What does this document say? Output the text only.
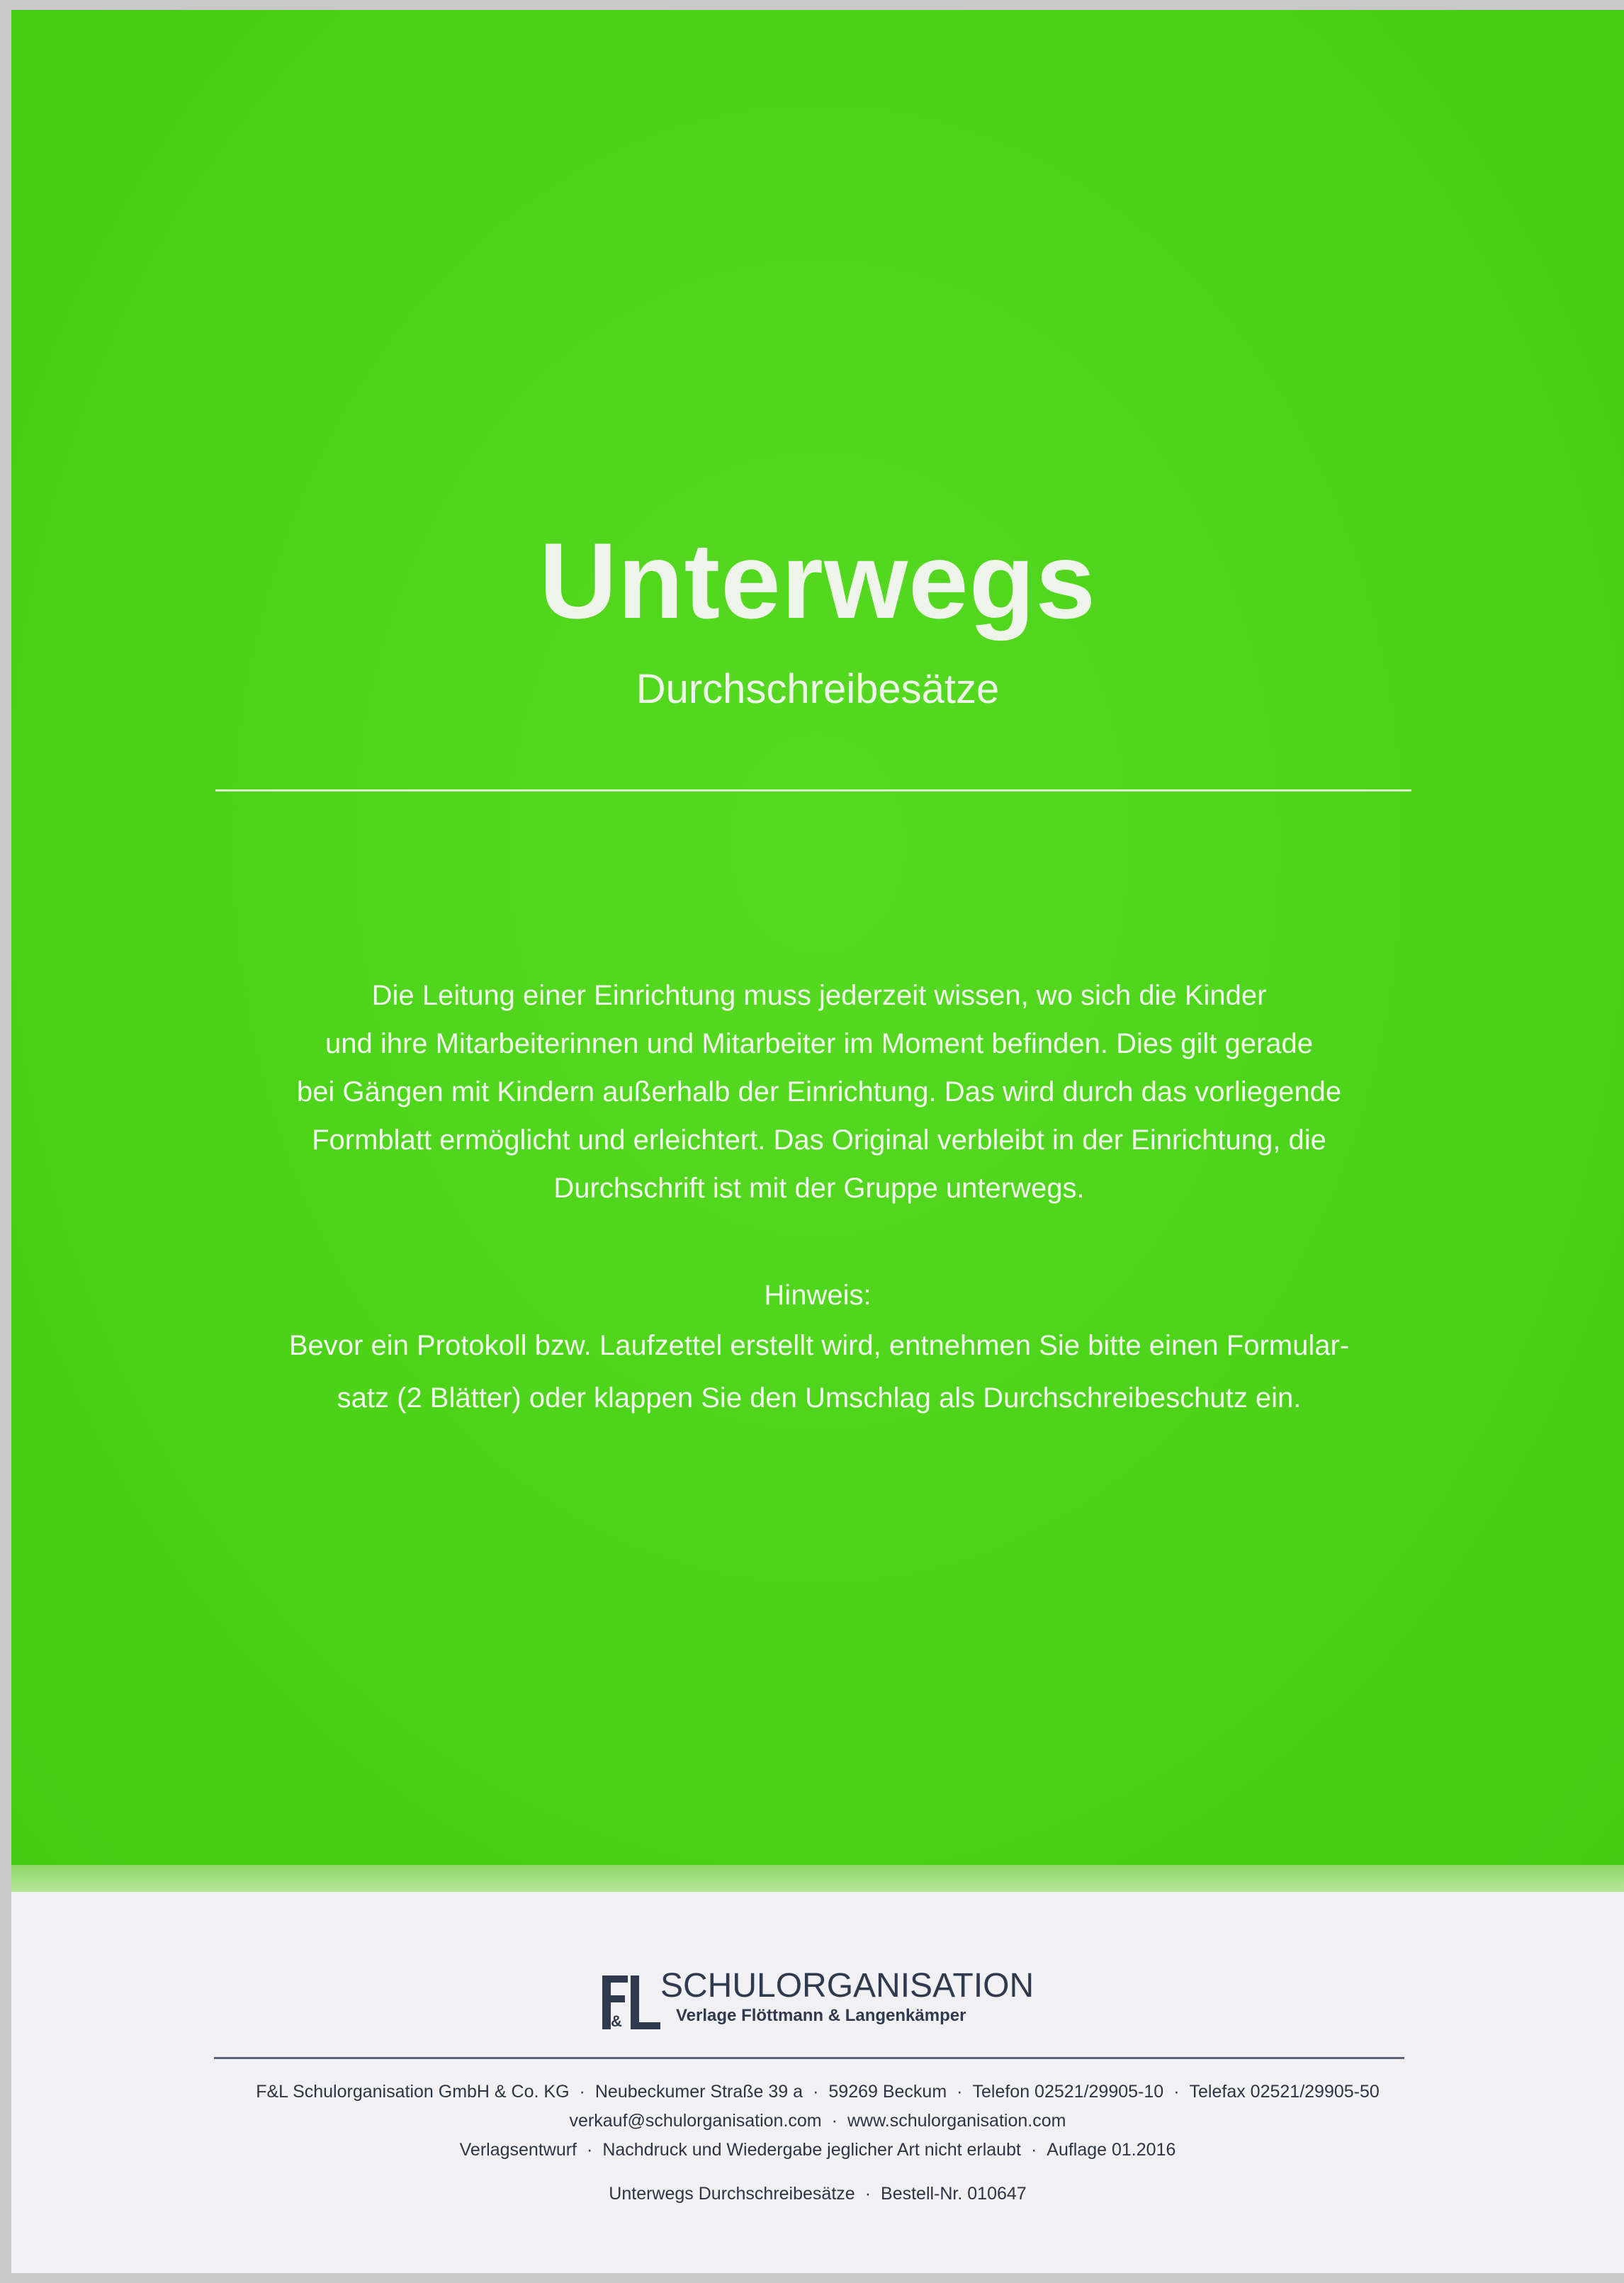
Unterwegs
Durchschreibesätze
Die Leitung einer Einrichtung muss jederzeit wissen, wo sich die Kinder
und ihre Mitarbeiterinnen und Mitarbeiter im Moment befinden. Dies gilt gerade
bei Gängen mit Kindern außerhalb der Einrichtung. Das wird durch das vorliegende
Formblatt ermöglicht und erleichtert. Das Original verbleibt in der Einrichtung, die
Durchschrift ist mit der Gruppe unterwegs.
Hinweis:
Bevor ein Protokoll bzw. Laufzettel erstellt wird, entnehmen Sie bitte einen Formular-
satz (2 Blätter) oder klappen Sie den Umschlag als Durchschreibeschutz ein.
&
SCHULORGANISATION
Verlage Flöttmann & Langenkämper
F&L Schulorganisation GmbH & Co. KG · Neubeckumer Straße 39 a · 59269 Beckum · Telefon 02521/29905-10 · Telefax 02521/29905-50
verkauf@schulorganisation.com · www.schulorganisation.com
Verlagsentwurf · Nachdruck und Wiedergabe jeglicher Art nicht erlaubt · Auflage 01.2016
Unterwegs Durchschreibesätze · Bestell-Nr. 010647
